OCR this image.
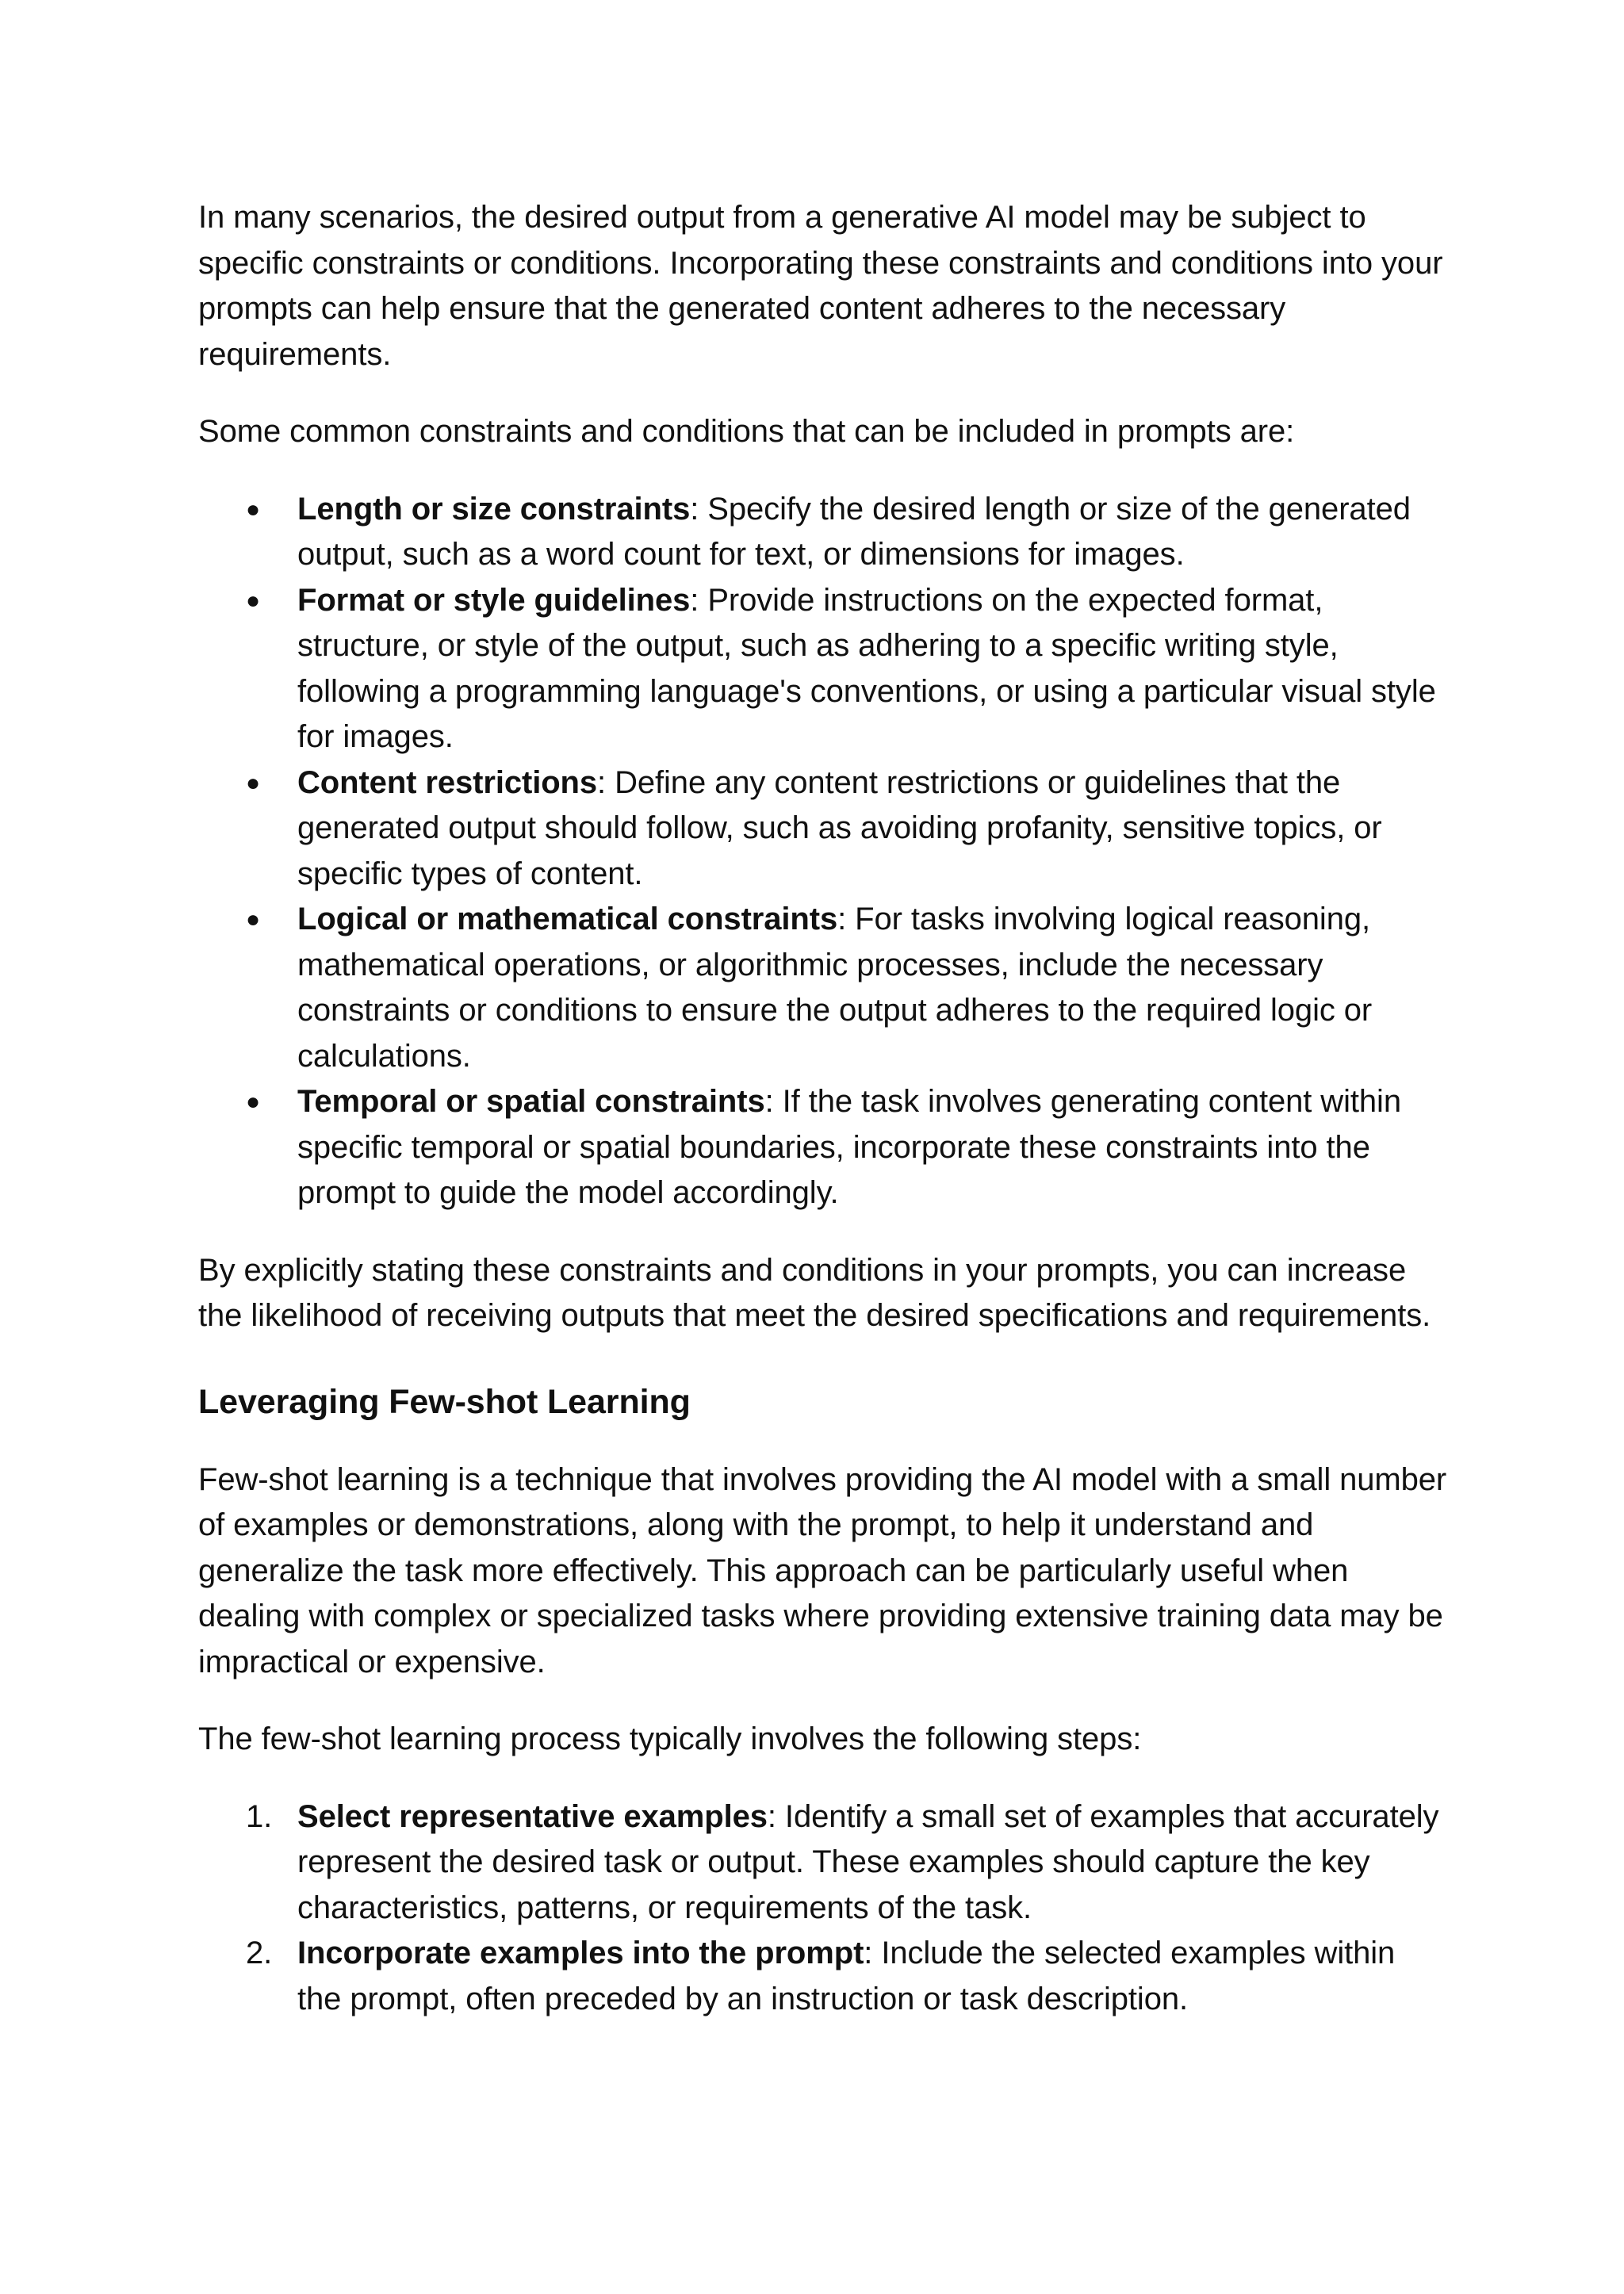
In many scenarios, the desired output from a generative AI model may be subject to specific constraints or conditions. Incorporating these constraints and conditions into your prompts can help ensure that the generated content adheres to the necessary requirements.

Some common constraints and conditions that can be included in prompts are:

●	Length or size constraints: Specify the desired length or size of the generated output, such as a word count for text, or dimensions for images.
●	Format or style guidelines: Provide instructions on the expected format, structure, or style of the output, such as adhering to a specific writing style, following a programming language's conventions, or using a particular visual style for images.
●	Content restrictions: Define any content restrictions or guidelines that the generated output should follow, such as avoiding profanity, sensitive topics, or specific types of content.
●	Logical or mathematical constraints: For tasks involving logical reasoning, mathematical operations, or algorithmic processes, include the necessary constraints or conditions to ensure the output adheres to the required logic or calculations.
●	Temporal or spatial constraints: If the task involves generating content within specific temporal or spatial boundaries, incorporate these constraints into the prompt to guide the model accordingly.

By explicitly stating these constraints and conditions in your prompts, you can increase the likelihood of receiving outputs that meet the desired specifications and requirements.

Leveraging Few-shot Learning

Few-shot learning is a technique that involves providing the AI model with a small number of examples or demonstrations, along with the prompt, to help it understand and generalize the task more effectively. This approach can be particularly useful when dealing with complex or specialized tasks where providing extensive training data may be impractical or expensive.

The few-shot learning process typically involves the following steps:

1. Select representative examples: Identify a small set of examples that accurately represent the desired task or output. These examples should capture the key characteristics, patterns, or requirements of the task.
2. Incorporate examples into the prompt: Include the selected examples within the prompt, often preceded by an instruction or task description.
